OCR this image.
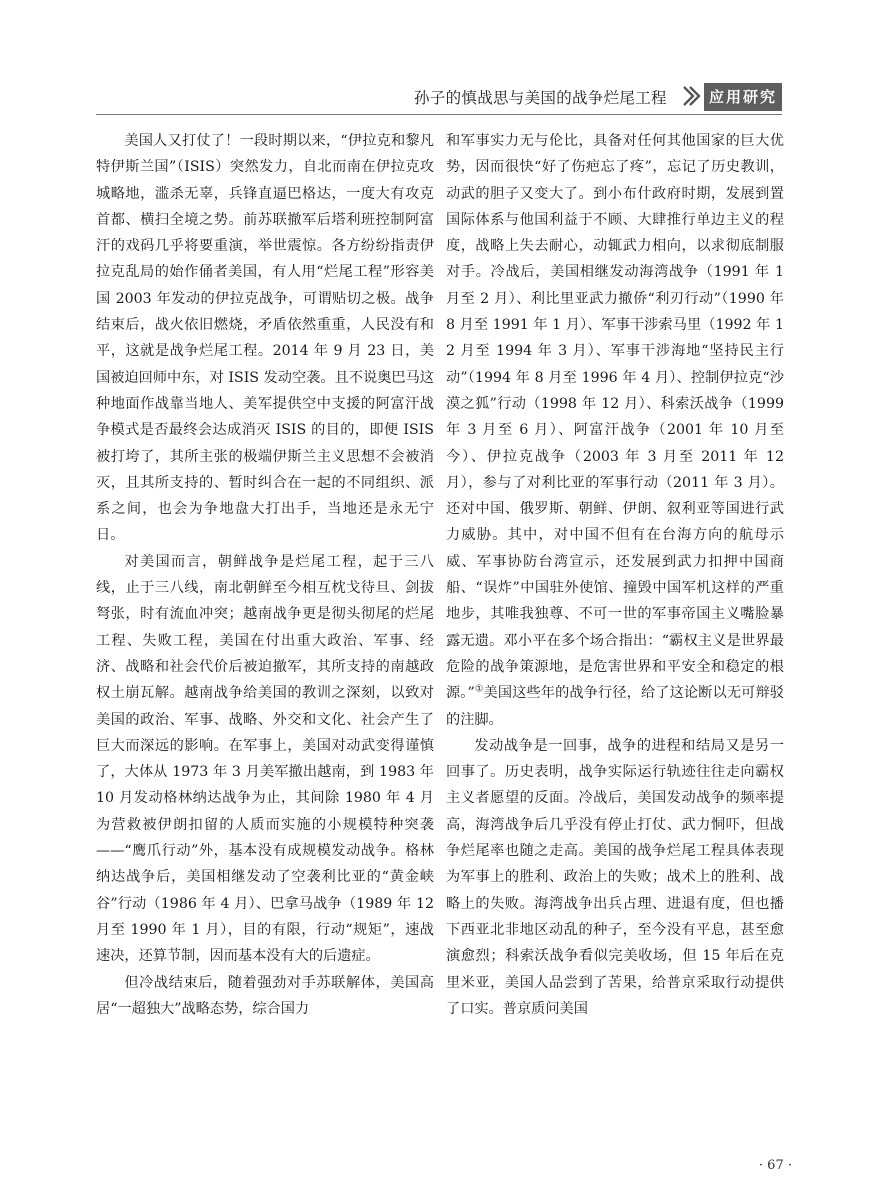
孙子的慎战思与美国的战争烂尾工程	应用研究

美国人又打仗了！一段时期以来，“伊拉克和黎凡特伊斯兰国”（ISIS）突然发力，自北而南在伊拉克攻城略地，滥杀无辜，兵锋直逼巴格达，一度大有攻克首都、横扫全境之势。前苏联撤军后塔利班控制阿富汗的戏码几乎将要重演，举世震惊。各方纷纷指责伊拉克乱局的始作俑者美国，有人用“烂尾工程”形容美国 2003 年发动的伊拉克战争，可谓贴切之极。战争结束后，战火依旧燃烧，矛盾依然重重，人民没有和平，这就是战争烂尾工程。2014 年 9 月 23 日，美国被迫回师中东，对 ISIS 发动空袭。且不说奥巴马这种地面作战靠当地人、美军提供空中支援的阿富汗战争模式是否最终会达成消灭 ISIS 的目的，即便 ISIS 被打垮了，其所主张的极端伊斯兰主义思想不会被消灭，且其所支持的、暂时纠合在一起的不同组织、派系之间，也会为争地盘大打出手，当地还是永无宁日。

对美国而言，朝鲜战争是烂尾工程，起于三八线，止于三八线，南北朝鲜至今相互枕戈待旦、剑拔弩张，时有流血冲突；越南战争更是彻头彻尾的烂尾工程、失败工程，美国在付出重大政治、军事、经济、战略和社会代价后被迫撤军，其所支持的南越政权土崩瓦解。越南战争给美国的教训之深刻，以致对美国的政治、军事、战略、外交和文化、社会产生了巨大而深远的影响。在军事上，美国对动武变得谨慎了，大体从 1973 年 3 月美军撤出越南，到 1983 年 10 月发动格林纳达战争为止，其间除 1980 年 4 月为营救被伊朗扣留的人质而实施的小规模特种突袭——“鹰爪行动”外，基本没有成规模发动战争。格林纳达战争后，美国相继发动了空袭利比亚的“黄金峡谷”行动（1986 年 4 月）、巴拿马战争（1989 年 12 月至 1990 年 1 月），目的有限，行动“规矩”，速战速决，还算节制，因而基本没有大的后遗症。

但冷战结束后，随着强劲对手苏联解体，美国高居“一超独大”战略态势，综合国力

和军事实力无与伦比，具备对任何其他国家的巨大优势，因而很快“好了伤疤忘了疼”，忘记了历史教训，动武的胆子又变大了。到小布什政府时期，发展到置国际体系与他国利益于不顾、大肆推行单边主义的程度，战略上失去耐心，动辄武力相向，以求彻底制服对手。冷战后，美国相继发动海湾战争（1991 年 1 月至 2 月）、利比里亚武力撤侨“利刃行动”（1990 年 8 月至 1991 年 1 月）、军事干涉索马里（1992 年 12 月至 1994 年 3 月）、军事干涉海地“坚持民主行动”（1994 年 8 月至 1996 年 4 月）、控制伊拉克“沙漠之狐”行动（1998 年 12 月）、科索沃战争（1999 年 3 月至 6 月）、阿富汗战争（2001 年 10 月至今）、伊拉克战争（2003 年 3 月至 2011 年 12 月），参与了对利比亚的军事行动（2011 年 3 月）。还对中国、俄罗斯、朝鲜、伊朗、叙利亚等国进行武力威胁。其中，对中国不但有在台海方向的航母示威、军事协防台湾宣示，还发展到武力扣押中国商船、“误炸”中国驻外使馆、撞毁中国军机这样的严重地步，其唯我独尊、不可一世的军事帝国主义嘴脸暴露无遗。邓小平在多个场合指出：“霸权主义是世界最危险的战争策源地，是危害世界和平安全和稳定的根源。”①美国这些年的战争行径，给了这论断以无可辩驳的注脚。

发动战争是一回事，战争的进程和结局又是另一回事了。历史表明，战争实际运行轨迹往往走向霸权主义者愿望的反面。冷战后，美国发动战争的频率提高，海湾战争后几乎没有停止打仗、武力恫吓，但战争烂尾率也随之走高。美国的战争烂尾工程具体表现为军事上的胜利、政治上的失败；战术上的胜利、战略上的失败。海湾战争出兵占理、进退有度，但也播下西亚北非地区动乱的种子，至今没有平息，甚至愈演愈烈；科索沃战争看似完美收场，但 15 年后在克里米亚，美国人品尝到了苦果，给普京采取行动提供了口实。普京质问美国

· 67 ·
